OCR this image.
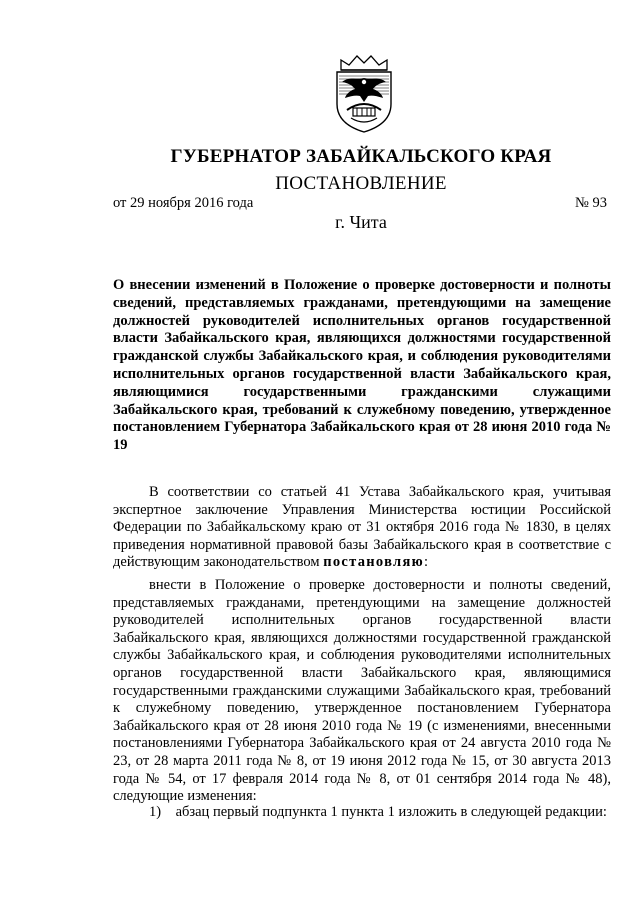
ГУБЕРНАТОР ЗАБАЙКАЛЬСКОГО КРАЯ
ПОСТАНОВЛЕНИЕ
от 29 ноября 2016 года	№ 93
г. Чита
О внесении изменений в Положение о проверке достоверности и полноты сведений, представляемых гражданами, претендующими на замещение должностей руководителей исполнительных органов государственной власти Забайкальского края, являющихся должностями государственной гражданской службы Забайкальского края, и соблюдения руководителями исполнительных органов государственной власти Забайкальского края, являющимися государственными гражданскими служащими Забайкальского края, требований к служебному поведению, утвержденное постановлением Губернатора Забайкальского края от 28 июня 2010 года № 19
В соответствии со статьей 41 Устава Забайкальского края, учитывая экспертное заключение Управления Министерства юстиции Российской Федерации по Забайкальскому краю от 31 октября 2016 года № 1830, в целях приведения нормативной правовой базы Забайкальского края в соответствие с действующим законодательством постановляю:
внести в Положение о проверке достоверности и полноты сведений, представляемых гражданами, претендующими на замещение должностей руководителей исполнительных органов государственной власти Забайкальского края, являющихся должностями государственной гражданской службы Забайкальского края, и соблюдения руководителями исполнительных органов государственной власти Забайкальского края, являющимися государственными гражданскими служащими Забайкальского края, требований к служебному поведению, утвержденное постановлением Губернатора Забайкальского края от 28 июня 2010 года № 19 (с изменениями, внесенными постановлениями Губернатора Забайкальского края от 24 августа 2010 года № 23, от 28 марта 2011 года № 8, от 19 июня 2012 года № 15, от 30 августа 2013 года № 54, от 17 февраля 2014 года № 8, от 01 сентября 2014 года № 48), следующие изменения:
1)    абзац первый подпункта 1 пункта 1 изложить в следующей редакции:
